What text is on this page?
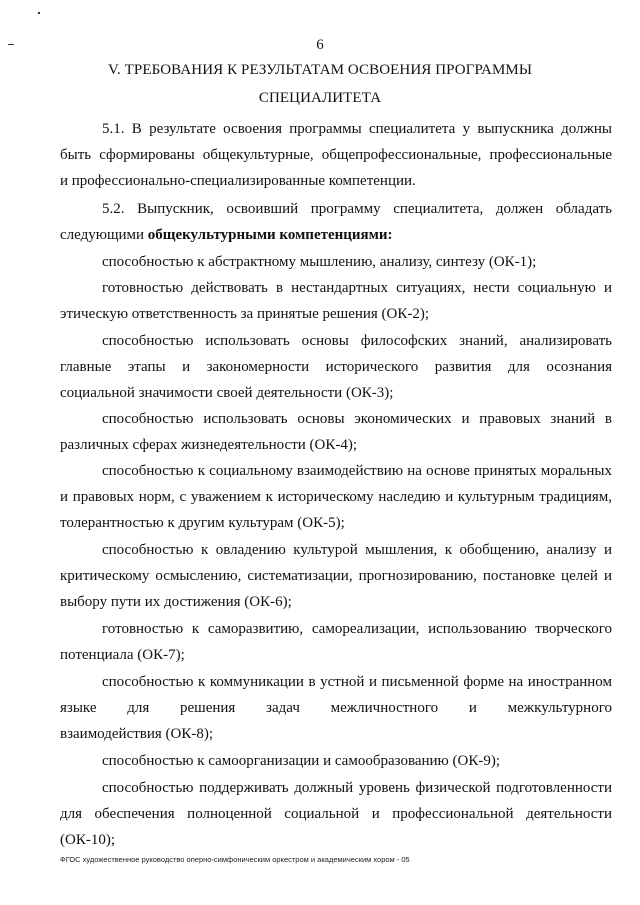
6
V. ТРЕБОВАНИЯ К РЕЗУЛЬТАТАМ ОСВОЕНИЯ ПРОГРАММЫ
СПЕЦИАЛИТЕТА
5.1. В результате освоения программы специалитета у выпускника должны
быть сформированы общекультурные, общепрофессиональные, профессиональные
и профессионально-специализированные компетенции.
5.2. Выпускник, освоивший программу специалитета, должен обладать
следующими общекультурными компетенциями:
способностью к абстрактному мышлению, анализу, синтезу (ОК-1);
готовностью действовать в нестандартных ситуациях, нести социальную и
этическую ответственность за принятые решения (ОК-2);
способностью использовать основы философских знаний, анализировать
главные этапы и закономерности исторического развития для осознания
социальной значимости своей деятельности (ОК-3);
способностью использовать основы экономических и правовых знаний в
различных сферах жизнедеятельности (ОК-4);
способностью к социальному взаимодействию на основе принятых моральных
и правовых норм, с уважением к историческому наследию и культурным традициям,
толерантностью к другим культурам (ОК-5);
способностью к овладению культурой мышления, к обобщению, анализу и
критическому осмыслению, систематизации, прогнозированию, постановке целей и
выбору пути их достижения (ОК-6);
готовностью к саморазвитию, самореализации, использованию творческого
потенциала (ОК-7);
способностью к коммуникации в устной и письменной форме на иностранном
языке для решения задач межличностного и межкультурного
взаимодействия (ОК-8);
способностью к самоорганизации и самообразованию (ОК-9);
способностью поддерживать должный уровень физической подготовленности
для обеспечения полноценной социальной и профессиональной деятельности
(ОК-10);
ФГОС художественное руководство оперно-симфоническим оркестром и академическим хором - 05
